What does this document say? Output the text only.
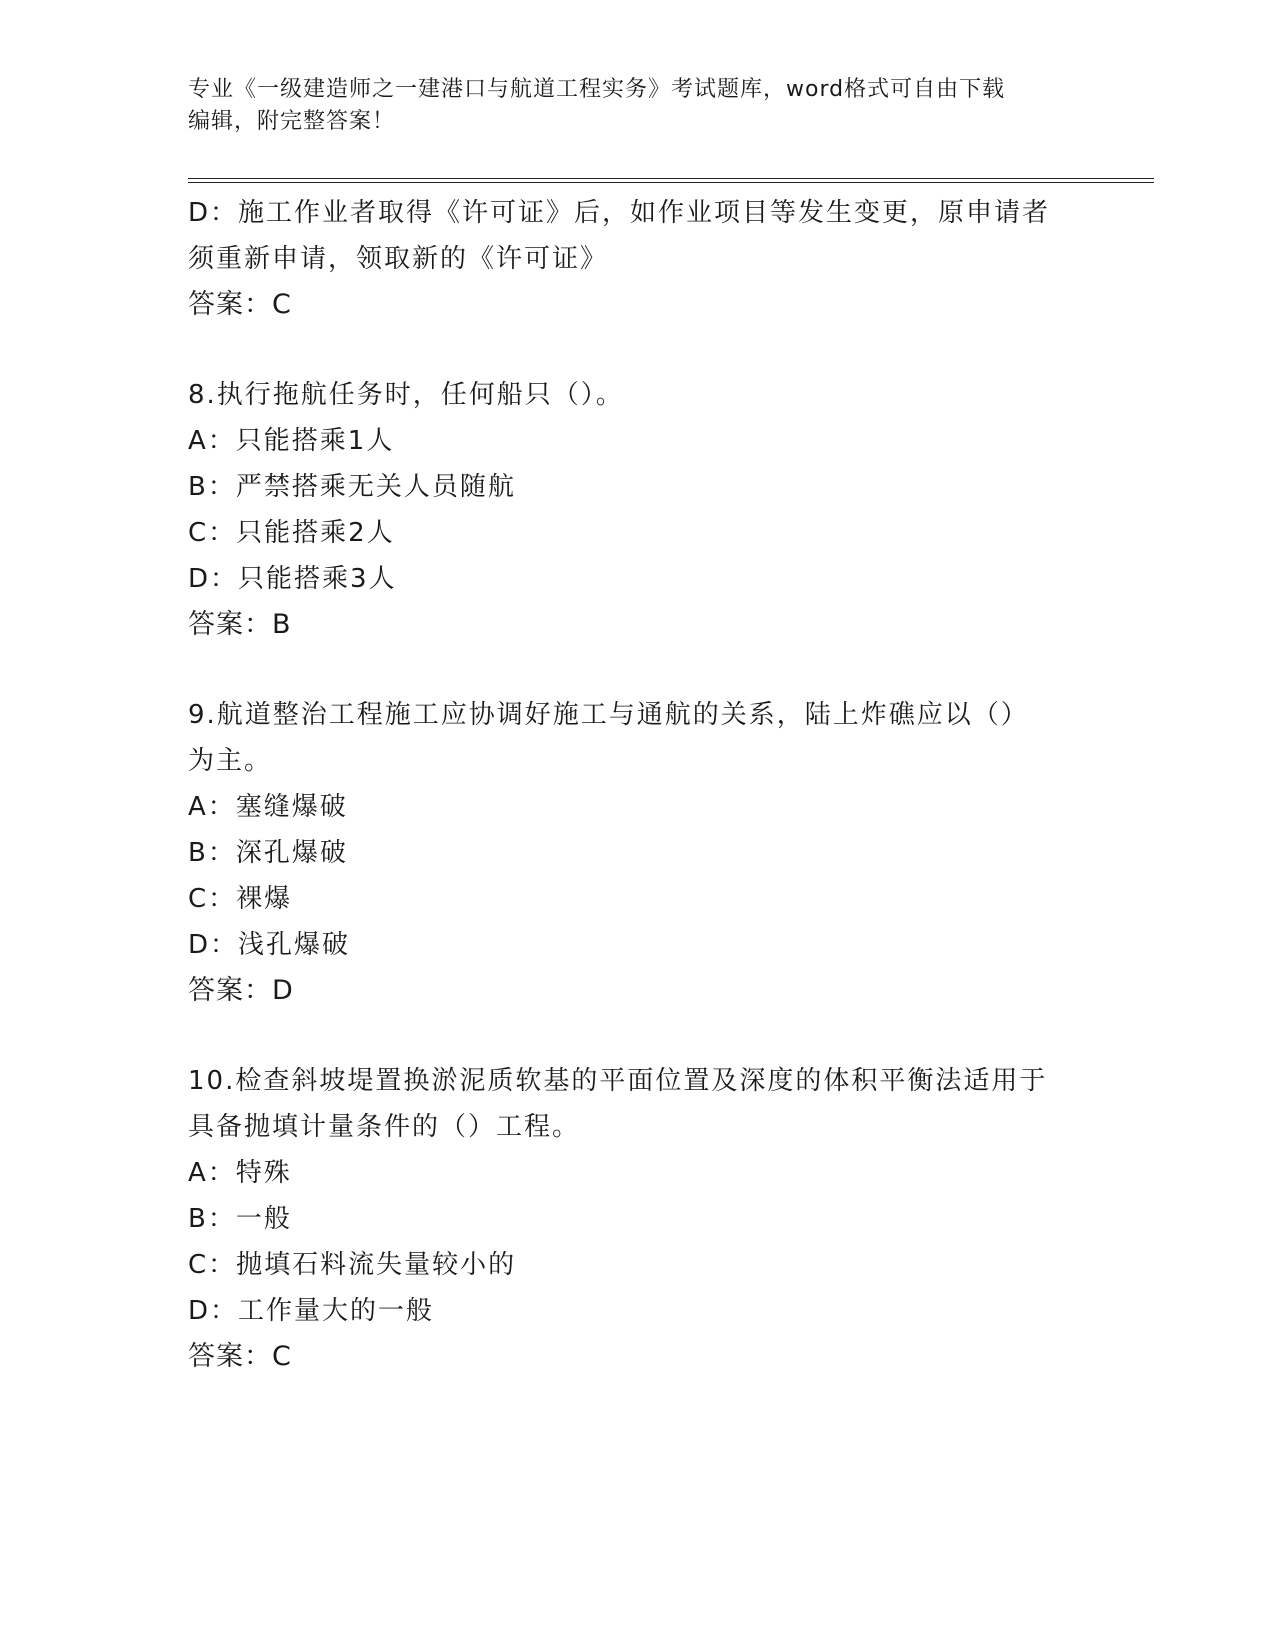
专业《一级建造师之一建港口与航道工程实务》考试题库，word格式可自由下载
编辑，附完整答案！
D：施工作业者取得《许可证》后，如作业项目等发生变更，原申请者
须重新申请，领取新的《许可证》
答案：C
8.执行拖航任务时，任何船只（）。
A：只能搭乘1人
B：严禁搭乘无关人员随航
C：只能搭乘2人
D：只能搭乘3人
答案：B
9.航道整治工程施工应协调好施工与通航的关系，陆上炸礁应以（）
为主。
A：塞缝爆破
B：深孔爆破
C：裸爆
D：浅孔爆破
答案：D
10.检查斜坡堤置换淤泥质软基的平面位置及深度的体积平衡法适用于
具备抛填计量条件的（）工程。
A：特殊
B：一般
C：抛填石料流失量较小的
D：工作量大的一般
答案：C
